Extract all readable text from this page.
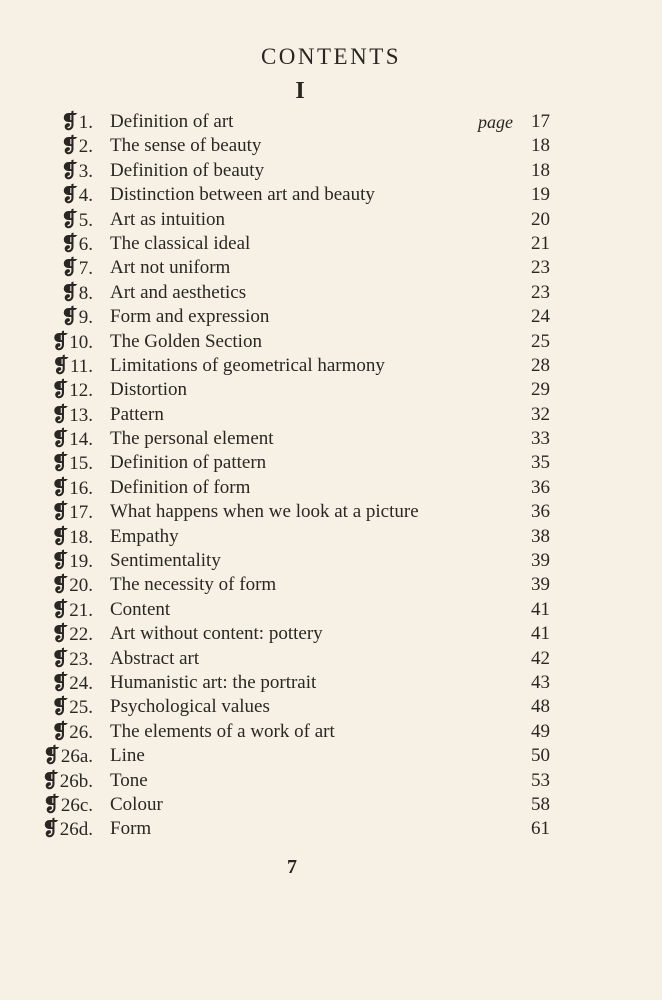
CONTENTS
I
page
❡1. Definition of art	17
❡2. The sense of beauty	18
❡3. Definition of beauty	18
❡4. Distinction between art and beauty	19
❡5. Art as intuition	20
❡6. The classical ideal	21
❡7. Art not uniform	23
❡8. Art and aesthetics	23
❡9. Form and expression	24
❡10. The Golden Section	25
❡11. Limitations of geometrical harmony	28
❡12. Distortion	29
❡13. Pattern	32
❡14. The personal element	33
❡15. Definition of pattern	35
❡16. Definition of form	36
❡17. What happens when we look at a picture	36
❡18. Empathy	38
❡19. Sentimentality	39
❡20. The necessity of form	39
❡21. Content	41
❡22. Art without content: pottery	41
❡23. Abstract art	42
❡24. Humanistic art: the portrait	43
❡25. Psychological values	48
❡26. The elements of a work of art	49
❡26a. Line	50
❡26b. Tone	53
❡26c. Colour	58
❡26d. Form	61
7
